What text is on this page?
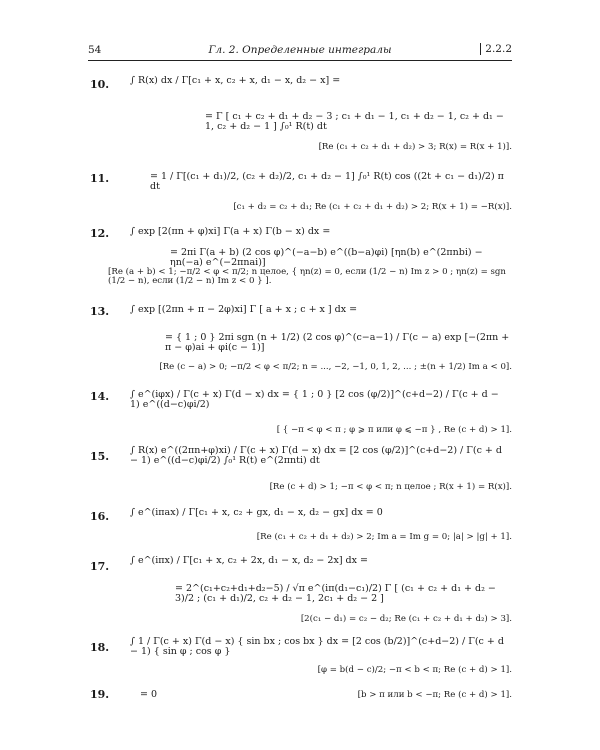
54	Гл. 2. Определенные интегралы	2.2.2
10. ∫ R(x) dx / Γ[c₁ + x, c₂ + x, d₁ − x, d₂ − x] =
= Γ [ c₁ + c₂ + d₁ + d₂ − 3 ; c₁ + d₁ − 1, c₁ + d₂ − 1, c₂ + d₁ − 1, c₂ + d₂ − 1 ] ∫₀¹ R(t) dt
[Re (c₁ + c₂ + d₁ + d₂) > 3; R(x) = R(x + 1)].
11.	= 1 / Γ[(c₁ + d₁)/2, (c₂ + d₂)/2, c₁ + d₂ − 1] ∫₀¹ R(t) cos ((2t + c₁ − d₁)/2) π dt
[c₁ + d₂ = c₂ + d₁; Re (c₁ + c₂ + d₁ + d₂) > 2; R(x + 1) = −R(x)].
12. ∫ exp [2(πn + φ)xi] Γ(a + x) Γ(b − x) dx =
= 2πi Γ(a + b) (2 cos φ)^(−a−b) e^((b−a)φi) [ηn(b) e^(2πnbi) − ηn(−a) e^(−2πnai)]
[Re (a + b) < 1; −π/2 < φ < π/2; n целое, { ηn(z) = 0, если (1/2 − n) Im z > 0 ; ηn(z) = sgn (1/2 − n), если (1/2 − n) Im z < 0 } ].
13. ∫ exp [(2πn + π − 2φ)xi] Γ [ a + x ; c + x ] dx =
= { 1 ; 0 } 2πi sgn (n + 1/2) (2 cos φ)^(c−a−1) / Γ(c − a) exp [−(2πn + π − φ)ai + φi(c − 1)]
[Re (c − a) > 0; −π/2 < φ < π/2; n = ..., −2, −1, 0, 1, 2, ... ; ±(n + 1/2) Im a < 0].
14. ∫ e^(iφx) / Γ(c + x) Γ(d − x) dx = { 1 ; 0 } [2 cos (φ/2)]^(c+d−2) / Γ(c + d − 1) e^((d−c)φi/2)
[ { −π < φ < π ; φ ⩾ π или φ ⩽ −π } , Re (c + d) > 1].
15. ∫ R(x) e^((2πn+φ)xi) / Γ(c + x) Γ(d − x) dx = [2 cos (φ/2)]^(c+d−2) / Γ(c + d − 1) e^((d−c)φi/2) ∫₀¹ R(t) e^(2πnti) dt
[Re (c + d) > 1; −π < φ < π; n целое ; R(x + 1) = R(x)].
16. ∫ e^(iπax) / Γ[c₁ + x, c₂ + gx, d₁ − x, d₂ − gx] dx = 0
[Re (c₁ + c₂ + d₁ + d₂) > 2; Im a = Im g = 0; |a| > |g| + 1].
17. ∫ e^(iπx) / Γ[c₁ + x, c₂ + 2x, d₁ − x, d₂ − 2x] dx =
= 2^(c₁+c₂+d₁+d₂−5) / √π e^(iπ(d₁−c₁)/2) Γ [ (c₁ + c₂ + d₁ + d₂ − 3)/2 ; (c₁ + d₁)/2, c₂ + d₂ − 1, 2c₁ + d₂ − 2 ]
[2(c₁ − d₁) = c₂ − d₂; Re (c₁ + c₂ + d₁ + d₂) > 3].
18. ∫ 1 / Γ(c + x) Γ(d − x) { sin bx ; cos bx } dx = [2 cos (b/2)]^(c+d−2) / Γ(c + d − 1) { sin φ ; cos φ }
[φ = b(d − c)/2; −π < b < π; Re (c + d) > 1].
19.	= 0	[b > π или b < −π; Re (c + d) > 1].
